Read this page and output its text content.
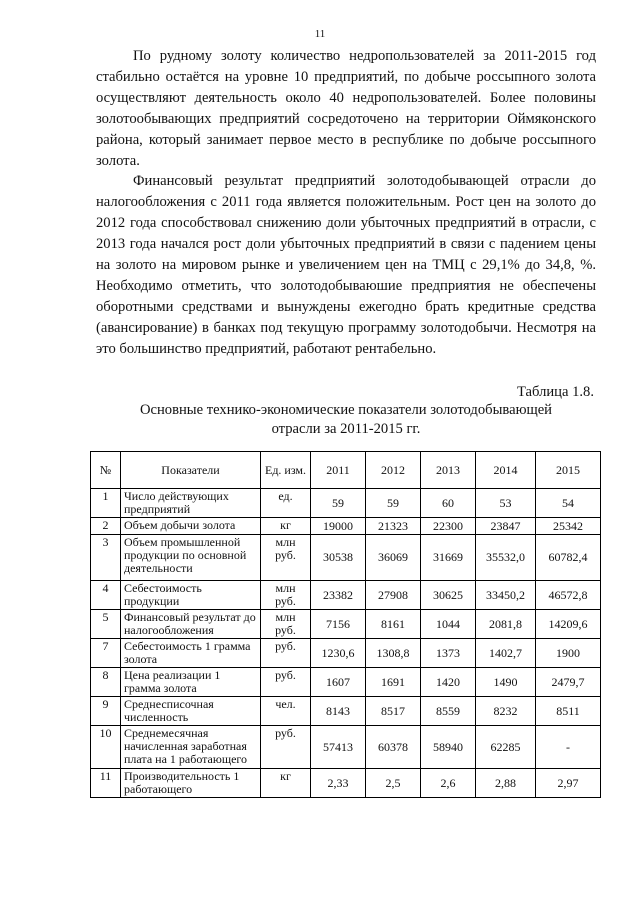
11

По рудному золоту количество недропользователей за 2011-2015 год стабильно остаётся на уровне 10 предприятий, по добыче россыпного золота осуществляют деятельность около 40 недропользователей. Более половины золотообывающих предприятий сосредоточено на территории Оймяконского района, который занимает первое место в республике по добыче россыпного золота.

Финансовый результат предприятий золотодобывающей отрасли до налогообложения с 2011 года является положительным. Рост цен на золото до 2012 года способствовал снижению доли убыточных предприятий в отрасли, с 2013 года начался рост доли убыточных предприятий в связи с падением цены на золото на мировом рынке и увеличением цен на ТМЦ с 29,1% до 34,8, %. Необходимо отметить, что золотодобываюшие предприятия не обеспечены оборотными средствами и вынуждены ежегодно брать кредитные средства (авансирование) в банках под текущую программу золотодобычи. Несмотря на это большинство предприятий, работают рентабельно.

Таблица 1.8.
Основные технико-экономические показатели золотодобывающей
отрасли за 2011-2015 гг.
№	Показатели	Ед. изм.	2011	2012	2013	2014	2015
1	Число действующих предприятий	ед.	59	59	60	53	54
2	Объем добычи золота	кг	19000	21323	22300	23847	25342
3	Объем промышленной продукции по основной деятельности	млн руб.	30538	36069	31669	35532,0	60782,4
4	Себестоимость продукции	млн руб.	23382	27908	30625	33450,2	46572,8
5	Финансовый результат до налогообложения	млн руб.	7156	8161	1044	2081,8	14209,6
7	Себестоимость 1 грамма золота	руб.	1230,6	1308,8	1373	1402,7	1900
8	Цена реализации 1 грамма золота	руб.	1607	1691	1420	1490	2479,7
9	Среднесписочная численность	чел.	8143	8517	8559	8232	8511
10	Среднемесячная начисленная заработная плата на 1 работающего	руб.	57413	60378	58940	62285	-
11	Производительность 1 работающего	кг	2,33	2,5	2,6	2,88	2,97
